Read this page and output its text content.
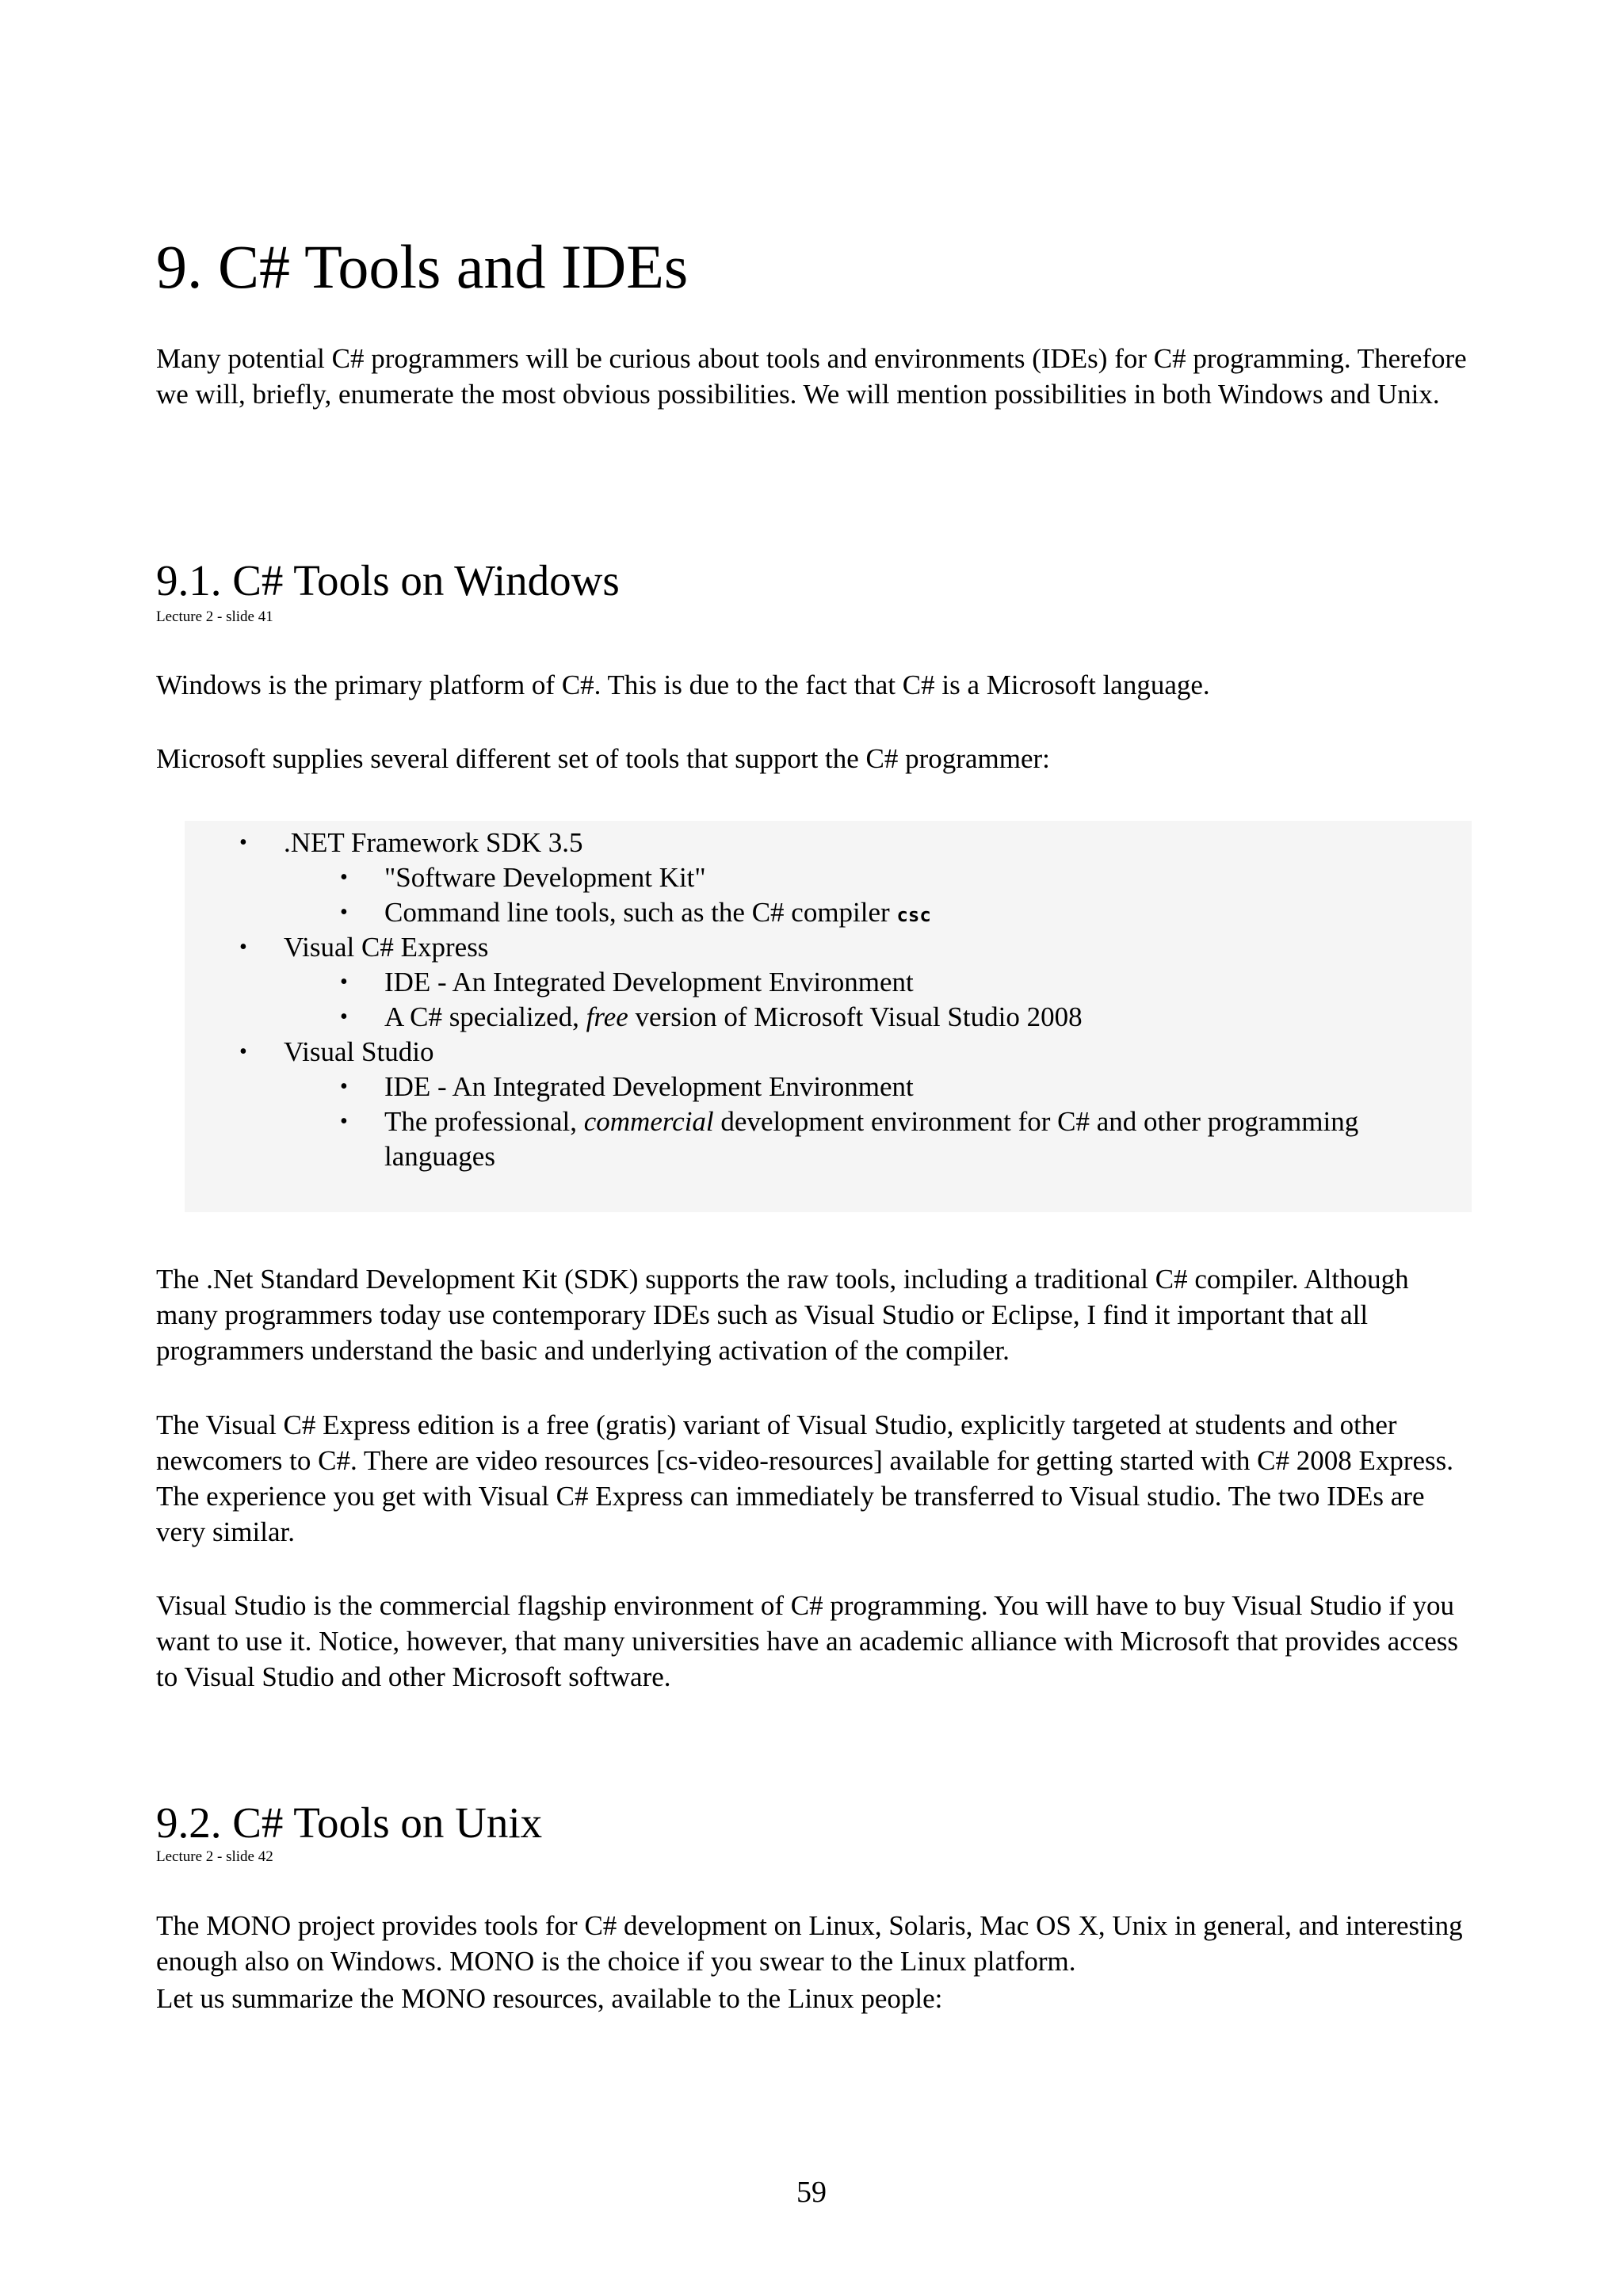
9. C# Tools and IDEs

Many potential C# programmers will be curious about tools and environments (IDEs) for C# programming. Therefore we will, briefly, enumerate the most obvious possibilities. We will mention possibilities in both Windows and Unix.

9.1. C# Tools on Windows
Lecture 2 - slide 41

Windows is the primary platform of C#. This is due to the fact that C# is a Microsoft language.

Microsoft supplies several different set of tools that support the C# programmer:

• .NET Framework SDK 3.5
• "Software Development Kit"
• Command line tools, such as the C# compiler csc
• Visual C# Express
• IDE - An Integrated Development Environment
• A C# specialized, free version of Microsoft Visual Studio 2008
• Visual Studio
• IDE - An Integrated Development Environment
• The professional, commercial development environment for C# and other programming languages

The .Net Standard Development Kit (SDK) supports the raw tools, including a traditional C# compiler. Although many programmers today use contemporary IDEs such as Visual Studio or Eclipse, I find it important that all programmers understand the basic and underlying activation of the compiler.

The Visual C# Express edition is a free (gratis) variant of Visual Studio, explicitly targeted at students and other newcomers to C#. There are video resources [cs-video-resources] available for getting started with C# 2008 Express. The experience you get with Visual C# Express can immediately be transferred to Visual studio. The two IDEs are very similar.

Visual Studio is the commercial flagship environment of C# programming. You will have to buy Visual Studio if you want to use it. Notice, however, that many universities have an academic alliance with Microsoft that provides access to Visual Studio and other Microsoft software.

9.2. C# Tools on Unix
Lecture 2 - slide 42

The MONO project provides tools for C# development on Linux, Solaris, Mac OS X, Unix in general, and interesting enough also on Windows. MONO is the choice if you swear to the Linux platform.

Let us summarize the MONO resources, available to the Linux people:

59
